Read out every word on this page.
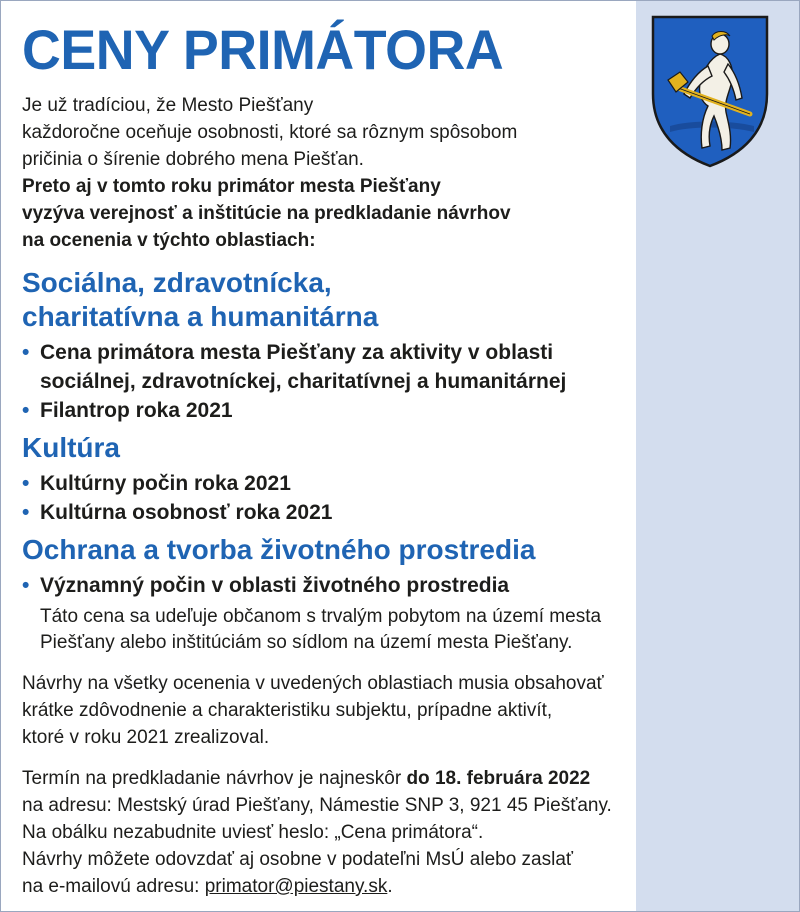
CENY PRIMÁTORA

Je už tradíciou, že Mesto Piešťany

každoročne oceňuje osobnosti, ktoré sa rôznym spôsobom

pričinia o šírenie dobrého mena Piešťan.

Preto aj v tomto roku primátor mesta Piešťany

vyzýva verejnosť a inštitúcie na predkladanie návrhov

na ocenenia v týchto oblastiach:

Sociálna, zdravotnícka,
charitatívna a humanitárna
• Cena primátora mesta Piešťany za aktivity v oblasti
sociálnej, zdravotníckej, charitatívnej a humanitárnej
• Filantrop roka 2021
Kultúra
• Kultúrny počin roka 2021
• Kultúrna osobnosť roka 2021
Ochrana a tvorba životného prostredia
• Významný počin v oblasti životného prostredia

Táto cena sa udeľuje občanom s trvalým pobytom na území mesta
Piešťany alebo inštitúciám so sídlom na území mesta Piešťany.

Návrhy na všetky ocenenia v uvedených oblastiach musia obsahovať

krátke zdôvodnenie a charakteristiku subjektu, prípadne aktivít,

ktoré v roku 2021 zrealizoval.

Termín na predkladanie návrhov je najneskôr do 18. februára 2022

na adresu: Mestský úrad Piešťany, Námestie SNP 3, 921 45 Piešťany.

Na obálku nezabudnite uviesť heslo: „Cena primátora“.

Návrhy môžete odovzdať aj osobne v podateľni MsÚ alebo zaslať

na e-mailovú adresu: primator@piestany.sk.
